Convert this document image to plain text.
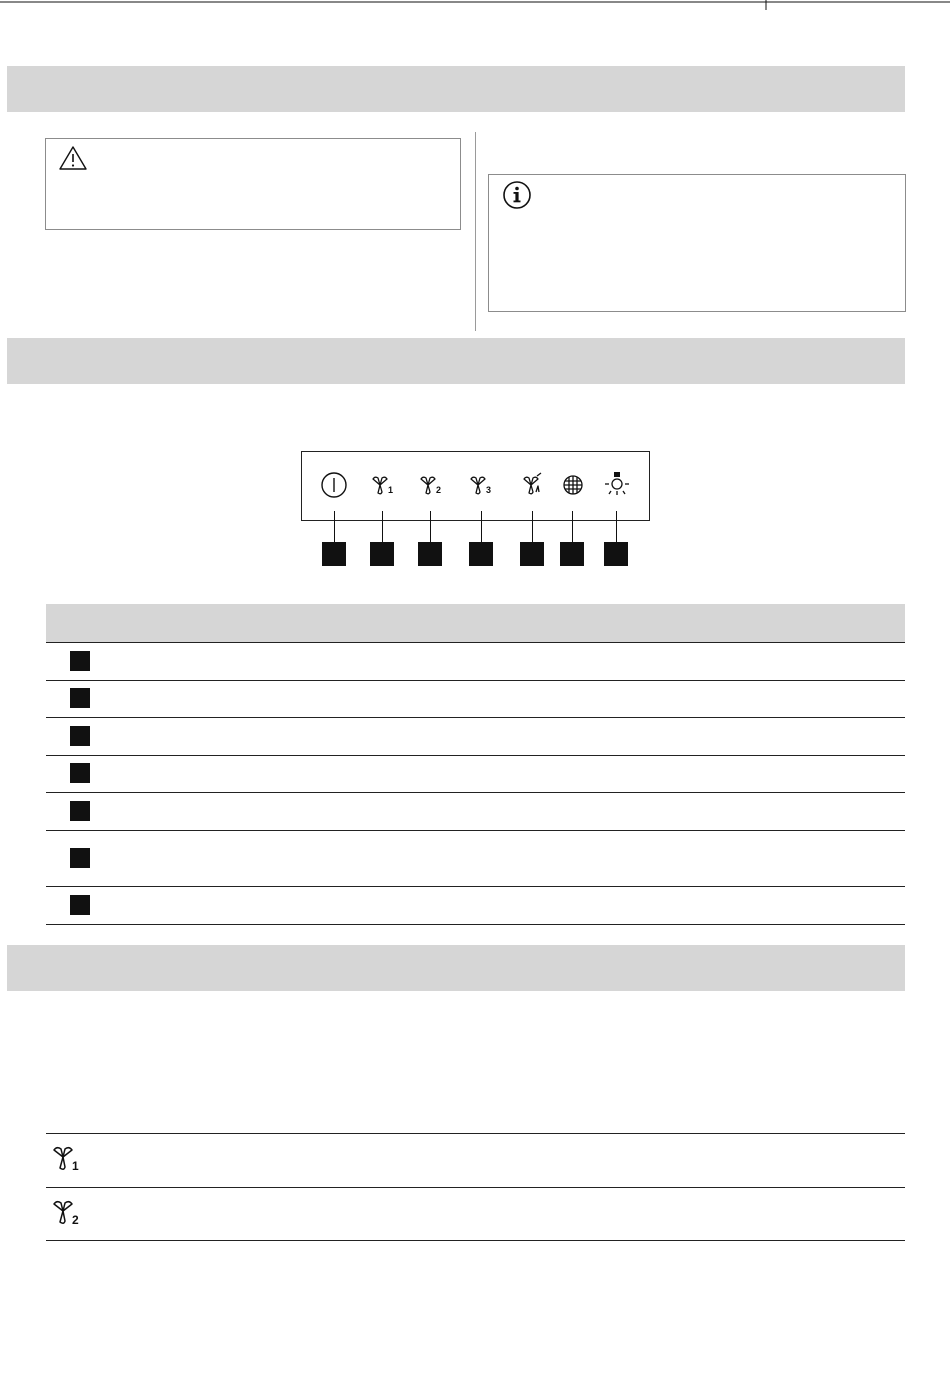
1	2	3
1
2
